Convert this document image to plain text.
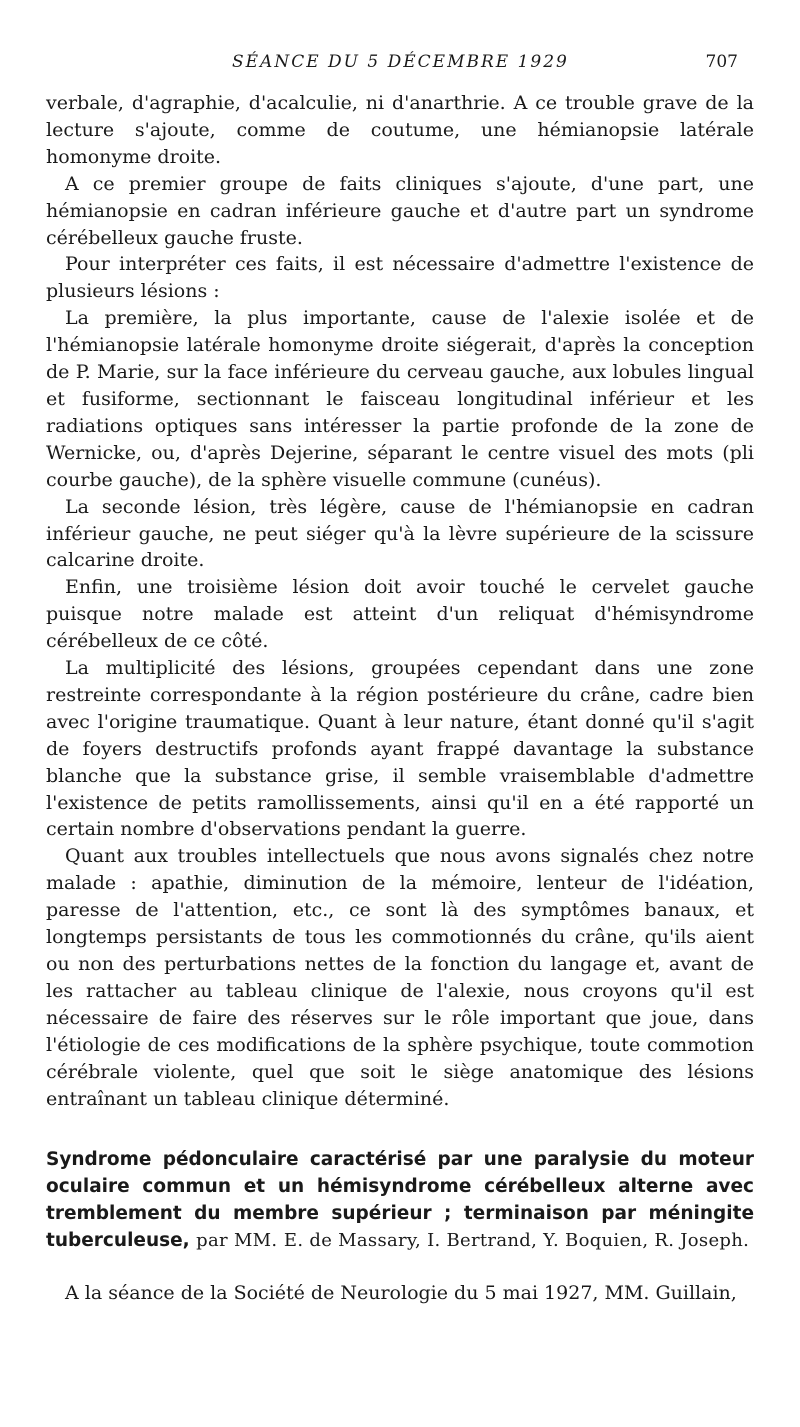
SÉANCE DU 5 DÉCEMBRE 1929	707

verbale, d'agraphie, d'acalculie, ni d'anarthrie. A ce trouble grave de la lecture s'ajoute, comme de coutume, une hémianopsie latérale homonyme droite.

A ce premier groupe de faits cliniques s'ajoute, d'une part, une hémianopsie en cadran inférieure gauche et d'autre part un syndrome cérébelleux gauche fruste.

Pour interpréter ces faits, il est nécessaire d'admettre l'existence de plusieurs lésions :

La première, la plus importante, cause de l'alexie isolée et de l'hémianopsie latérale homonyme droite siégerait, d'après la conception de P. Marie, sur la face inférieure du cerveau gauche, aux lobules lingual et fusiforme, sectionnant le faisceau longitudinal inférieur et les radiations optiques sans intéresser la partie profonde de la zone de Wernicke, ou, d'après Dejerine, séparant le centre visuel des mots (pli courbe gauche), de la sphère visuelle commune (cunéus).

La seconde lésion, très légère, cause de l'hémianopsie en cadran inférieur gauche, ne peut siéger qu'à la lèvre supérieure de la scissure calcarine droite.

Enfin, une troisième lésion doit avoir touché le cervelet gauche puisque notre malade est atteint d'un reliquat d'hémisyndrome cérébelleux de ce côté.

La multiplicité des lésions, groupées cependant dans une zone restreinte correspondante à la région postérieure du crâne, cadre bien avec l'origine traumatique. Quant à leur nature, étant donné qu'il s'agit de foyers destructifs profonds ayant frappé davantage la substance blanche que la substance grise, il semble vraisemblable d'admettre l'existence de petits ramollissements, ainsi qu'il en a été rapporté un certain nombre d'observations pendant la guerre.

Quant aux troubles intellectuels que nous avons signalés chez notre malade : apathie, diminution de la mémoire, lenteur de l'idéation, paresse de l'attention, etc., ce sont là des symptômes banaux, et longtemps persistants de tous les commotionnés du crâne, qu'ils aient ou non des perturbations nettes de la fonction du langage et, avant de les rattacher au tableau clinique de l'alexie, nous croyons qu'il est nécessaire de faire des réserves sur le rôle important que joue, dans l'étiologie de ces modifications de la sphère psychique, toute commotion cérébrale violente, quel que soit le siège anatomique des lésions entraînant un tableau clinique déterminé.

Syndrome pédonculaire caractérisé par une paralysie du moteur oculaire commun et un hémisyndrome cérébelleux alterne avec tremblement du membre supérieur ; terminaison par méningite tuberculeuse, par MM. E. de Massary, I. Bertrand, Y. Boquien, R. Joseph.

A la séance de la Société de Neurologie du 5 mai 1927, MM. Guillain,
